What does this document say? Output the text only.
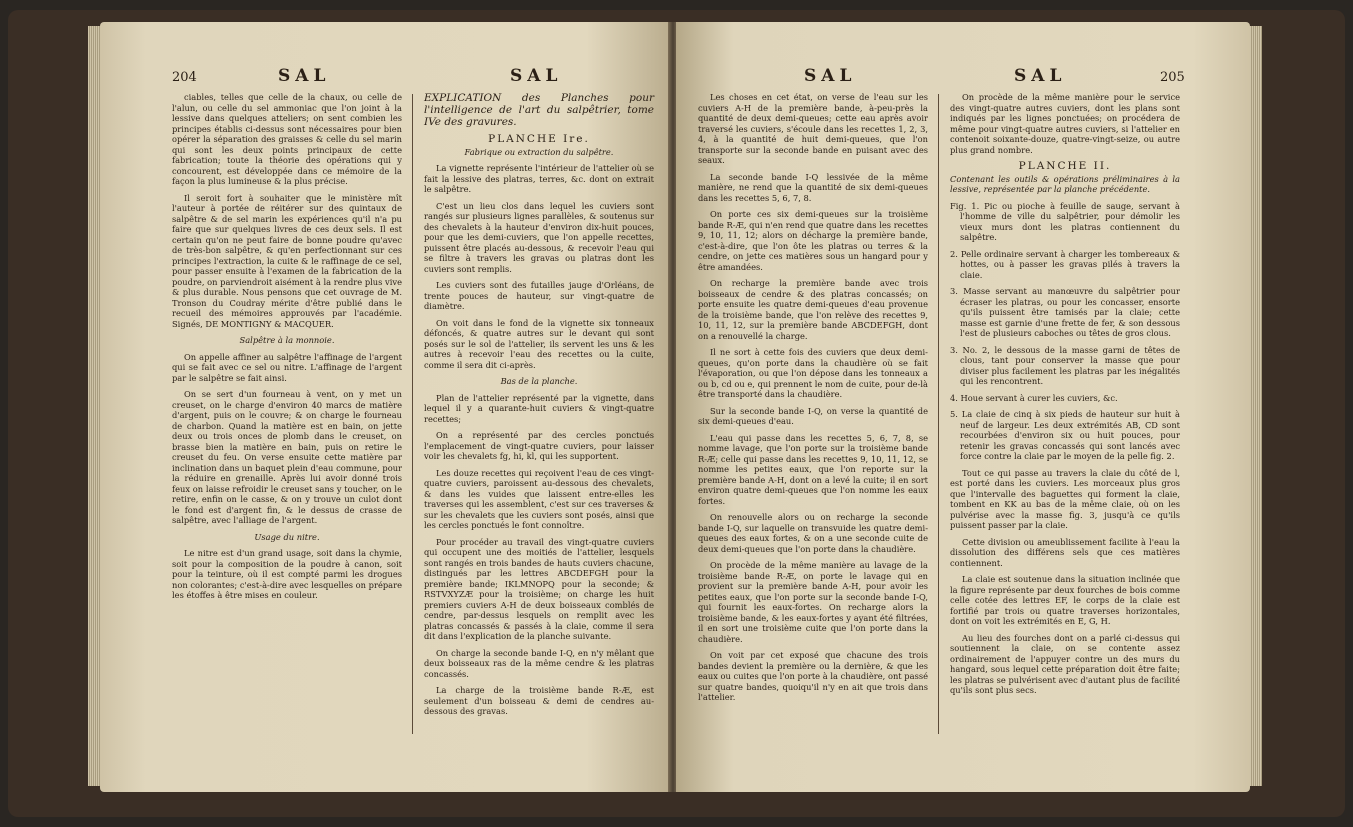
204	SAL	SAL

ciables, telles que celle de la chaux, ou celle de l'alun, ou celle du sel ammoniac que l'on joint à la lessive dans quelques atteliers; on sent combien les principes établis ci-dessus sont nécessaires pour bien opérer la séparation des graisses & celle du sel marin qui sont les deux points principaux de cette fabrication; toute la théorie des opérations qui y concourent, est développée dans ce mémoire de la façon la plus lumineuse & la plus précise.

Il seroit fort à souhaiter que le ministère mît l'auteur à portée de réitérer sur des quintaux de salpêtre & de sel marin les expériences qu'il n'a pu faire que sur quelques livres de ces deux sels. Il est certain qu'on ne peut faire de bonne poudre qu'avec de très-bon salpêtre, & qu'en perfectionnant sur ces principes l'extraction, la cuite & le raffinage de ce sel, pour passer ensuite à l'examen de la fabrication de la poudre, on parviendroit aisément à la rendre plus vive & plus durable. Nous pensons que cet ouvrage de M. Tronson du Coudray mérite d'être publié dans le recueil des mémoires approuvés par l'académie. Signés, DE MONTIGNY & MACQUER.

Salpêtre à la monnoie.

On appelle affiner au salpêtre l'affinage de l'argent qui se fait avec ce sel ou nitre. L'affinage de l'argent par le salpêtre se fait ainsi.

On se sert d'un fourneau à vent, on y met un creuset, on le charge d'environ 40 marcs de matière d'argent, puis on le couvre; & on charge le fourneau de charbon. Quand la matière est en bain, on jette deux ou trois onces de plomb dans le creuset, on brasse bien la matière en bain, puis on retire le creuset du feu. On verse ensuite cette matière par inclination dans un baquet plein d'eau commune, pour la réduire en grenaille. Après lui avoir donné trois feux on laisse refroidir le creuset sans y toucher, on le retire, enfin on le casse, & on y trouve un culot dont le fond est d'argent fin, & le dessus de crasse de salpêtre, avec l'alliage de l'argent.

Usage du nitre.

Le nitre est d'un grand usage, soit dans la chymie, soit pour la composition de la poudre à canon, soit pour la teinture, où il est compté parmi les drogues non colorantes; c'est-à-dire avec lesquelles on prépare les étoffes à être mises en couleur.

EXPLICATION des Planches pour l'intelligence de l'art du salpêtrier, tome IVe des gravures.

PLANCHE Ire.

Fabrique ou extraction du salpêtre.

La vignette représente l'intérieur de l'attelier où se fait la lessive des platras, terres, &c. dont on extrait le salpêtre.

C'est un lieu clos dans lequel les cuviers sont rangés sur plusieurs lignes parallèles, & soutenus sur des chevalets à la hauteur d'environ dix-huit pouces, pour que les demi-cuviers, que l'on appelle recettes, puissent être placés au-dessous, & recevoir l'eau qui se filtre à travers les gravas ou platras dont les cuviers sont remplis.

Les cuviers sont des futailles jauge d'Orléans, de trente pouces de hauteur, sur vingt-quatre de diamètre.

On voit dans le fond de la vignette six tonneaux défoncés, & quatre autres sur le devant qui sont posés sur le sol de l'attelier, ils servent les uns & les autres à recevoir l'eau des recettes ou la cuite, comme il sera dit ci-après.

Bas de la planche.

Plan de l'attelier représenté par la vignette, dans lequel il y a quarante-huit cuviers & vingt-quatre recettes;

On a représenté par des cercles ponctués l'emplacement de vingt-quatre cuviers, pour laisser voir les chevalets fg, hi, kl, qui les supportent.

Les douze recettes qui reçoivent l'eau de ces vingt-quatre cuviers, paroissent au-dessous des chevalets, & dans les vuides que laissent entre-elles les traverses qui les assemblent, c'est sur ces traverses & sur les chevalets que les cuviers sont posés, ainsi que les cercles ponctués le font connoître.

Pour procéder au travail des vingt-quatre cuviers qui occupent une des moitiés de l'attelier, lesquels sont rangés en trois bandes de hauts cuviers chacune, distingués par les lettres ABCDEFGH pour la première bande; IKLMNOPQ pour la seconde; & RSTVXYZÆ pour la troisième; on charge les huit premiers cuviers A-H de deux boisseaux comblés de cendre, par-dessus lesquels on remplit avec les platras concassés & passés à la claie, comme il sera dit dans l'explication de la planche suivante.

On charge la seconde bande I-Q, en n'y mêlant que deux boisseaux ras de la même cendre & les platras concassés.

La charge de la troisième bande R-Æ, est seulement d'un boisseau & demi de cendres au-dessous des gravas.

SAL	SAL	205

Les choses en cet état, on verse de l'eau sur les cuviers A-H de la première bande, à-peu-près la quantité de deux demi-queues; cette eau après avoir traversé les cuviers, s'écoule dans les recettes 1, 2, 3, 4, à la quantité de huit demi-queues, que l'on transporte sur la seconde bande en puisant avec des seaux.

La seconde bande I-Q lessivée de la même manière, ne rend que la quantité de six demi-queues dans les recettes 5, 6, 7, 8.

On porte ces six demi-queues sur la troisième bande R-Æ, qui n'en rend que quatre dans les recettes 9, 10, 11, 12; alors on décharge la première bande, c'est-à-dire, que l'on ôte les platras ou terres & la cendre, on jette ces matières sous un hangard pour y être amandées.

On recharge la première bande avec trois boisseaux de cendre & des platras concassés; on porte ensuite les quatre demi-queues d'eau provenue de la troisième bande, que l'on relève des recettes 9, 10, 11, 12, sur la première bande ABCDEFGH, dont on a renouvellé la charge.

Il ne sort à cette fois des cuviers que deux demi-queues, qu'on porte dans la chaudière où se fait l'évaporation, ou que l'on dépose dans les tonneaux a ou b, cd ou e, qui prennent le nom de cuite, pour de-là être transporté dans la chaudière.

Sur la seconde bande I-Q, on verse la quantité de six demi-queues d'eau.

L'eau qui passe dans les recettes 5, 6, 7, 8, se nomme lavage, que l'on porte sur la troisième bande R-Æ; celle qui passe dans les recettes 9, 10, 11, 12, se nomme les petites eaux, que l'on reporte sur la première bande A-H, dont on a levé la cuite; il en sort environ quatre demi-queues que l'on nomme les eaux fortes.

On renouvelle alors ou on recharge la seconde bande I-Q, sur laquelle on transvuide les quatre demi-queues des eaux fortes, & on a une seconde cuite de deux demi-queues que l'on porte dans la chaudière.

On procède de la même manière au lavage de la troisième bande R-Æ, on porte le lavage qui en provient sur la première bande A-H, pour avoir les petites eaux, que l'on porte sur la seconde bande I-Q, qui fournit les eaux-fortes. On recharge alors la troisième bande, & les eaux-fortes y ayant été filtrées, il en sort une troisième cuite que l'on porte dans la chaudière.

On voit par cet exposé que chacune des trois bandes devient la première ou la dernière, & que les eaux ou cuites que l'on porte à la chaudière, ont passé sur quatre bandes, quoiqu'il n'y en ait que trois dans l'attelier.

On procède de la même manière pour le service des vingt-quatre autres cuviers, dont les plans sont indiqués par les lignes ponctuées; on procédera de même pour vingt-quatre autres cuviers, si l'attelier en contenoit soixante-douze, quatre-vingt-seize, ou autre plus grand nombre.

PLANCHE II.

Contenant les outils & opérations préliminaires à la lessive, représentée par la planche précédente.

Fig. 1. Pic ou pioche à feuille de sauge, servant à l'homme de ville du salpêtrier, pour démolir les vieux murs dont les platras contiennent du salpêtre.

2. Pelle ordinaire servant à charger les tombereaux & hottes, ou à passer les gravas pilés à travers la claie.

3. Masse servant au manœuvre du salpêtrier pour écraser les platras, ou pour les concasser, ensorte qu'ils puissent être tamisés par la claie; cette masse est garnie d'une frette de fer, & son dessous l'est de plusieurs caboches ou têtes de gros clous.

3. No. 2, le dessous de la masse garni de têtes de clous, tant pour conserver la masse que pour diviser plus facilement les platras par les inégalités qui les rencontrent.

4. Houe servant à curer les cuviers, &c.

5. La claie de cinq à six pieds de hauteur sur huit à neuf de largeur. Les deux extrémités AB, CD sont recourbées d'environ six ou huit pouces, pour retenir les gravas concassés qui sont lancés avec force contre la claie par le moyen de la pelle fig. 2.

Tout ce qui passe au travers la claie du côté de l, est porté dans les cuviers. Les morceaux plus gros que l'intervalle des baguettes qui forment la claie, tombent en KK au bas de la même claie, où on les pulvérise avec la masse fig. 3, jusqu'à ce qu'ils puissent passer par la claie.

Cette division ou ameublissement facilite à l'eau la dissolution des différens sels que ces matières contiennent.

La claie est soutenue dans la situation inclinée que la figure représente par deux fourches de bois comme celle cotée des lettres EF, le corps de la claie est fortifié par trois ou quatre traverses horizontales, dont on voit les extrémités en E, G, H.

Au lieu des fourches dont on a parlé ci-dessus qui soutiennent la claie, on se contente assez ordinairement de l'appuyer contre un des murs du hangard, sous lequel cette préparation doit être faite; les platras se pulvérisent avec d'autant plus de facilité qu'ils sont plus secs.
